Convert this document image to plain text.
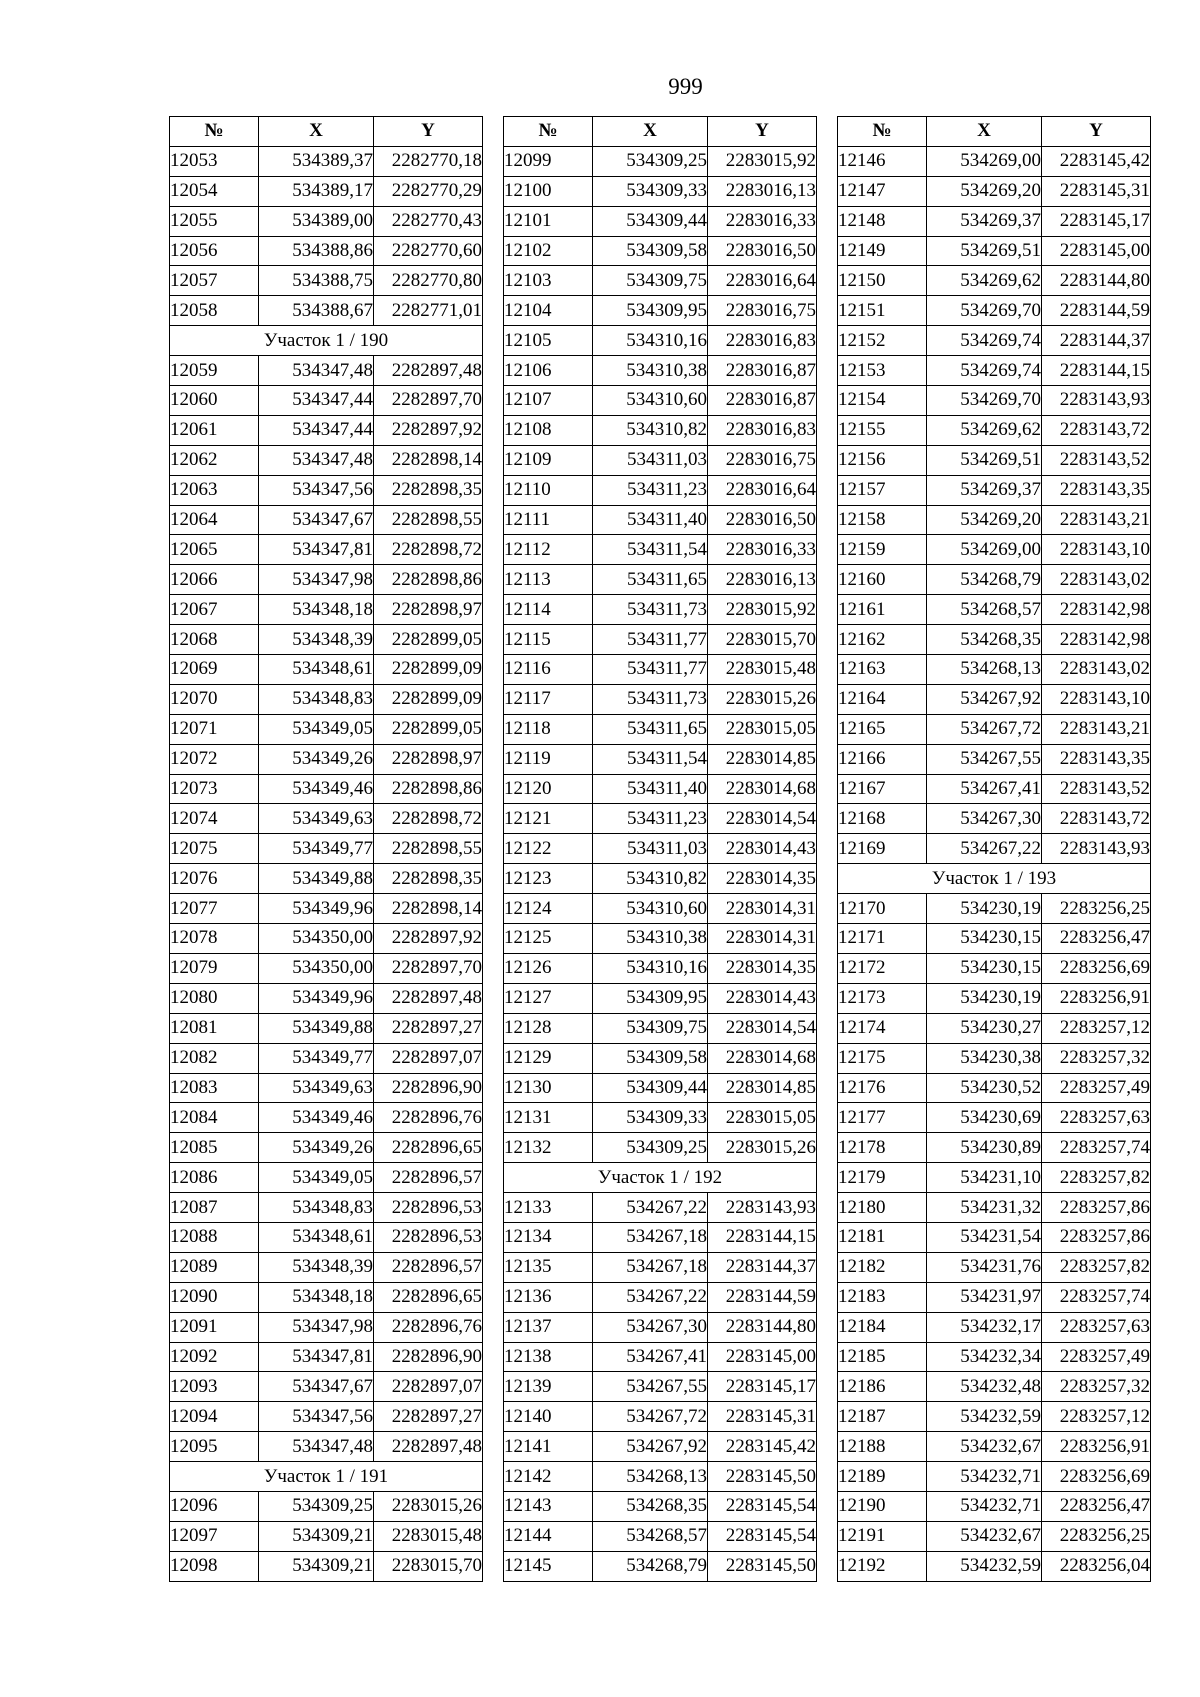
999
№	X	Y
12053	534389,37	2282770,18
12054	534389,17	2282770,29
12055	534389,00	2282770,43
12056	534388,86	2282770,60
12057	534388,75	2282770,80
12058	534388,67	2282771,01
Участок 1 / 190		
12059	534347,48	2282897,48
12060	534347,44	2282897,70
12061	534347,44	2282897,92
12062	534347,48	2282898,14
12063	534347,56	2282898,35
12064	534347,67	2282898,55
12065	534347,81	2282898,72
12066	534347,98	2282898,86
12067	534348,18	2282898,97
12068	534348,39	2282899,05
12069	534348,61	2282899,09
12070	534348,83	2282899,09
12071	534349,05	2282899,05
12072	534349,26	2282898,97
12073	534349,46	2282898,86
12074	534349,63	2282898,72
12075	534349,77	2282898,55
12076	534349,88	2282898,35
12077	534349,96	2282898,14
12078	534350,00	2282897,92
12079	534350,00	2282897,70
12080	534349,96	2282897,48
12081	534349,88	2282897,27
12082	534349,77	2282897,07
12083	534349,63	2282896,90
12084	534349,46	2282896,76
12085	534349,26	2282896,65
12086	534349,05	2282896,57
12087	534348,83	2282896,53
12088	534348,61	2282896,53
12089	534348,39	2282896,57
12090	534348,18	2282896,65
12091	534347,98	2282896,76
12092	534347,81	2282896,90
12093	534347,67	2282897,07
12094	534347,56	2282897,27
12095	534347,48	2282897,48
Участок 1 / 191		
12096	534309,25	2283015,26
12097	534309,21	2283015,48
12098	534309,21	2283015,70
№	X	Y
12099	534309,25	2283015,92
12100	534309,33	2283016,13
12101	534309,44	2283016,33
12102	534309,58	2283016,50
12103	534309,75	2283016,64
12104	534309,95	2283016,75
12105	534310,16	2283016,83
12106	534310,38	2283016,87
12107	534310,60	2283016,87
12108	534310,82	2283016,83
12109	534311,03	2283016,75
12110	534311,23	2283016,64
12111	534311,40	2283016,50
12112	534311,54	2283016,33
12113	534311,65	2283016,13
12114	534311,73	2283015,92
12115	534311,77	2283015,70
12116	534311,77	2283015,48
12117	534311,73	2283015,26
12118	534311,65	2283015,05
12119	534311,54	2283014,85
12120	534311,40	2283014,68
12121	534311,23	2283014,54
12122	534311,03	2283014,43
12123	534310,82	2283014,35
12124	534310,60	2283014,31
12125	534310,38	2283014,31
12126	534310,16	2283014,35
12127	534309,95	2283014,43
12128	534309,75	2283014,54
12129	534309,58	2283014,68
12130	534309,44	2283014,85
12131	534309,33	2283015,05
12132	534309,25	2283015,26
Участок 1 / 192		
12133	534267,22	2283143,93
12134	534267,18	2283144,15
12135	534267,18	2283144,37
12136	534267,22	2283144,59
12137	534267,30	2283144,80
12138	534267,41	2283145,00
12139	534267,55	2283145,17
12140	534267,72	2283145,31
12141	534267,92	2283145,42
12142	534268,13	2283145,50
12143	534268,35	2283145,54
12144	534268,57	2283145,54
12145	534268,79	2283145,50
№	X	Y
12146	534269,00	2283145,42
12147	534269,20	2283145,31
12148	534269,37	2283145,17
12149	534269,51	2283145,00
12150	534269,62	2283144,80
12151	534269,70	2283144,59
12152	534269,74	2283144,37
12153	534269,74	2283144,15
12154	534269,70	2283143,93
12155	534269,62	2283143,72
12156	534269,51	2283143,52
12157	534269,37	2283143,35
12158	534269,20	2283143,21
12159	534269,00	2283143,10
12160	534268,79	2283143,02
12161	534268,57	2283142,98
12162	534268,35	2283142,98
12163	534268,13	2283143,02
12164	534267,92	2283143,10
12165	534267,72	2283143,21
12166	534267,55	2283143,35
12167	534267,41	2283143,52
12168	534267,30	2283143,72
12169	534267,22	2283143,93
Участок 1 / 193		
12170	534230,19	2283256,25
12171	534230,15	2283256,47
12172	534230,15	2283256,69
12173	534230,19	2283256,91
12174	534230,27	2283257,12
12175	534230,38	2283257,32
12176	534230,52	2283257,49
12177	534230,69	2283257,63
12178	534230,89	2283257,74
12179	534231,10	2283257,82
12180	534231,32	2283257,86
12181	534231,54	2283257,86
12182	534231,76	2283257,82
12183	534231,97	2283257,74
12184	534232,17	2283257,63
12185	534232,34	2283257,49
12186	534232,48	2283257,32
12187	534232,59	2283257,12
12188	534232,67	2283256,91
12189	534232,71	2283256,69
12190	534232,71	2283256,47
12191	534232,67	2283256,25
12192	534232,59	2283256,04
